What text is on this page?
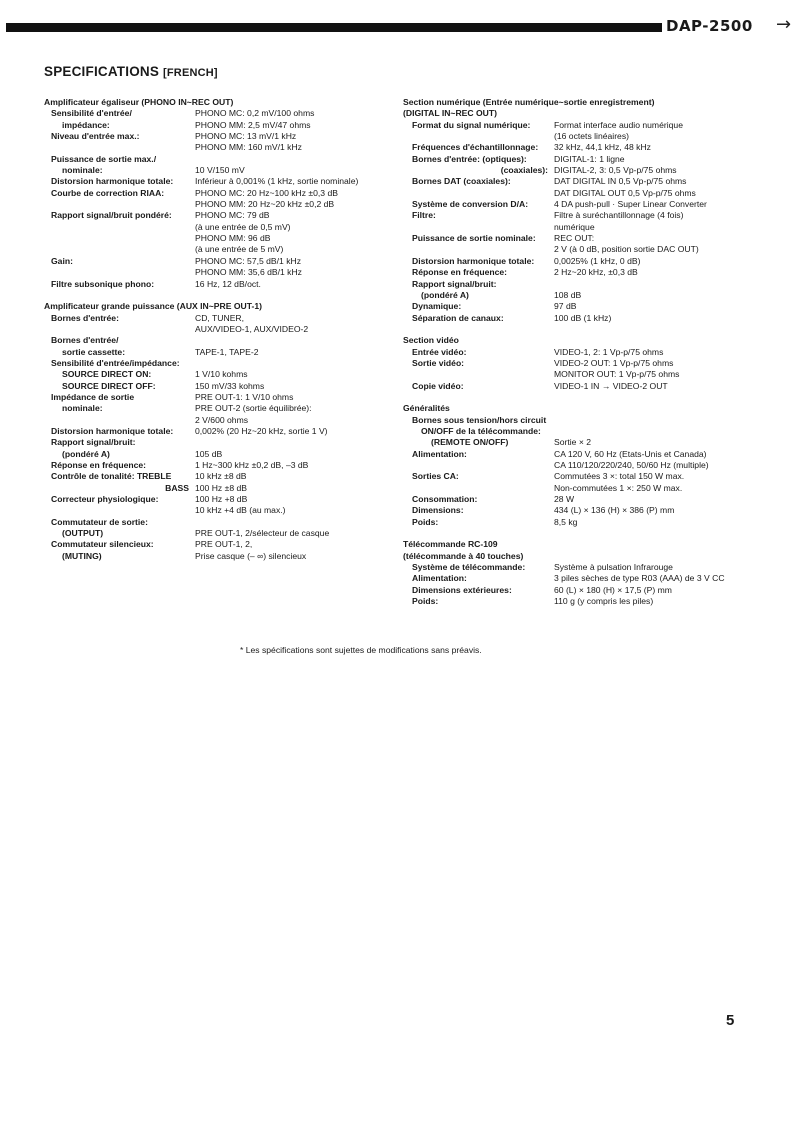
DAP-2500 →
SPECIFICATIONS [FRENCH]
Amplificateur égaliseur (PHONO IN~REC OUT)
Sensibilité d'entrée/	PHONO MC: 0,2 mV/100 ohms
impédance:	PHONO MM: 2,5 mV/47 ohms
Niveau d'entrée max.:	PHONO MC: 13 mV/1 kHz
PHONO MM: 160 mV/1 kHz
Puissance de sortie max./
nominale:	10 V/150 mV
Distorsion harmonique totale:	Inférieur à 0,001% (1 kHz, sortie nominale)
Courbe de correction RIAA:	PHONO MC: 20 Hz~100 kHz ±0,3 dB
PHONO MM: 20 Hz~20 kHz ±0,2 dB
Rapport signal/bruit pondéré:	PHONO MC: 79 dB
(à une entrée de 0,5 mV)
PHONO MM: 96 dB
(à une entrée de 5 mV)
Gain:	PHONO MC: 57,5 dB/1 kHz
PHONO MM: 35,6 dB/1 kHz
Filtre subsonique phono:	16 Hz, 12 dB/oct.
Amplificateur grande puissance (AUX IN~PRE OUT-1)
Bornes d'entrée:	CD, TUNER,
AUX/VIDEO-1, AUX/VIDEO-2
Bornes d'entrée/
sortie cassette:	TAPE-1, TAPE-2
Sensibilité d'entrée/impédance:
SOURCE DIRECT ON:	1 V/10 kohms
SOURCE DIRECT OFF:	150 mV/33 kohms
Impédance de sortie	PRE OUT-1: 1 V/10 ohms
nominale:	PRE OUT-2 (sortie équilibrée):
2 V/600 ohms
Distorsion harmonique totale:	0,002% (20 Hz~20 kHz, sortie 1 V)
Rapport signal/bruit:
(pondéré A)	105 dB
Réponse en fréquence:	1 Hz~300 kHz ±0,2 dB, –3 dB
Contrôle de tonalité: TREBLE	10 kHz ±8 dB
BASS 100 Hz ±8 dB
Correcteur physiologique:	100 Hz +8 dB
10 kHz +4 dB (au max.)
Commutateur de sortie:
(OUTPUT)	PRE OUT-1, 2/sélecteur de casque
Commutateur silencieux:	PRE OUT-1, 2,
(MUTING)	Prise casque (– ∞) silencieux
Section numérique (Entrée numérique~sortie enregistrement)
(DIGITAL IN~REC OUT)
Format du signal numérique:	Format interface audio numérique
(16 octets linéaires)
Fréquences d'échantillonnage:	32 kHz, 44,1 kHz, 48 kHz
Bornes d'entrée: (optiques):	DIGITAL-1: 1 ligne
(coaxiales): DIGITAL-2, 3: 0,5 Vp-p/75 ohms
Bornes DAT (coaxiales):	DAT DIGITAL IN 0,5 Vp-p/75 ohms
DAT DIGITAL OUT 0,5 Vp-p/75 ohms
Système de conversion D/A:	4 DA push-pull · Super Linear Converter
Filtre:	Filtre à suréchantillonnage (4 fois)
numérique
Puissance de sortie nominale:	REC OUT:
2 V (à 0 dB, position sortie DAC OUT)
Distorsion harmonique totale:	0,0025% (1 kHz, 0 dB)
Réponse en fréquence:	2 Hz~20 kHz, ±0,3 dB
Rapport signal/bruit:
(pondéré A)	108 dB
Dynamique:	97 dB
Séparation de canaux:	100 dB (1 kHz)
Section vidéo
Entrée vidéo:	VIDEO-1, 2: 1 Vp-p/75 ohms
Sortie vidéo:	VIDEO-2 OUT: 1 Vp-p/75 ohms
MONITOR OUT: 1 Vp-p/75 ohms
Copie vidéo:	VIDEO-1 IN → VIDEO-2 OUT
Généralités
Bornes sous tension/hors circuit
ON/OFF de la télécommande:
(REMOTE ON/OFF)	Sortie × 2
Alimentation:	CA 120 V, 60 Hz (Etats-Unis et Canada)
CA 110/120/220/240, 50/60 Hz (multiple)
Sorties CA:	Commutées 3 ×: total 150 W max.
Non-commutées 1 ×: 250 W max.
Consommation:	28 W
Dimensions:	434 (L) × 136 (H) × 386 (P) mm
Poids:	8,5 kg
Télécommande RC-109
(télécommande à 40 touches)
Système de télécommande:	Système à pulsation Infrarouge
Alimentation:	3 piles sèches de type R03 (AAA) de 3 V CC
Dimensions extérieures:	60 (L) × 180 (H) × 17,5 (P) mm
Poids:	110 g (y compris les piles)
* Les spécifications sont sujettes de modifications sans préavis.
5
